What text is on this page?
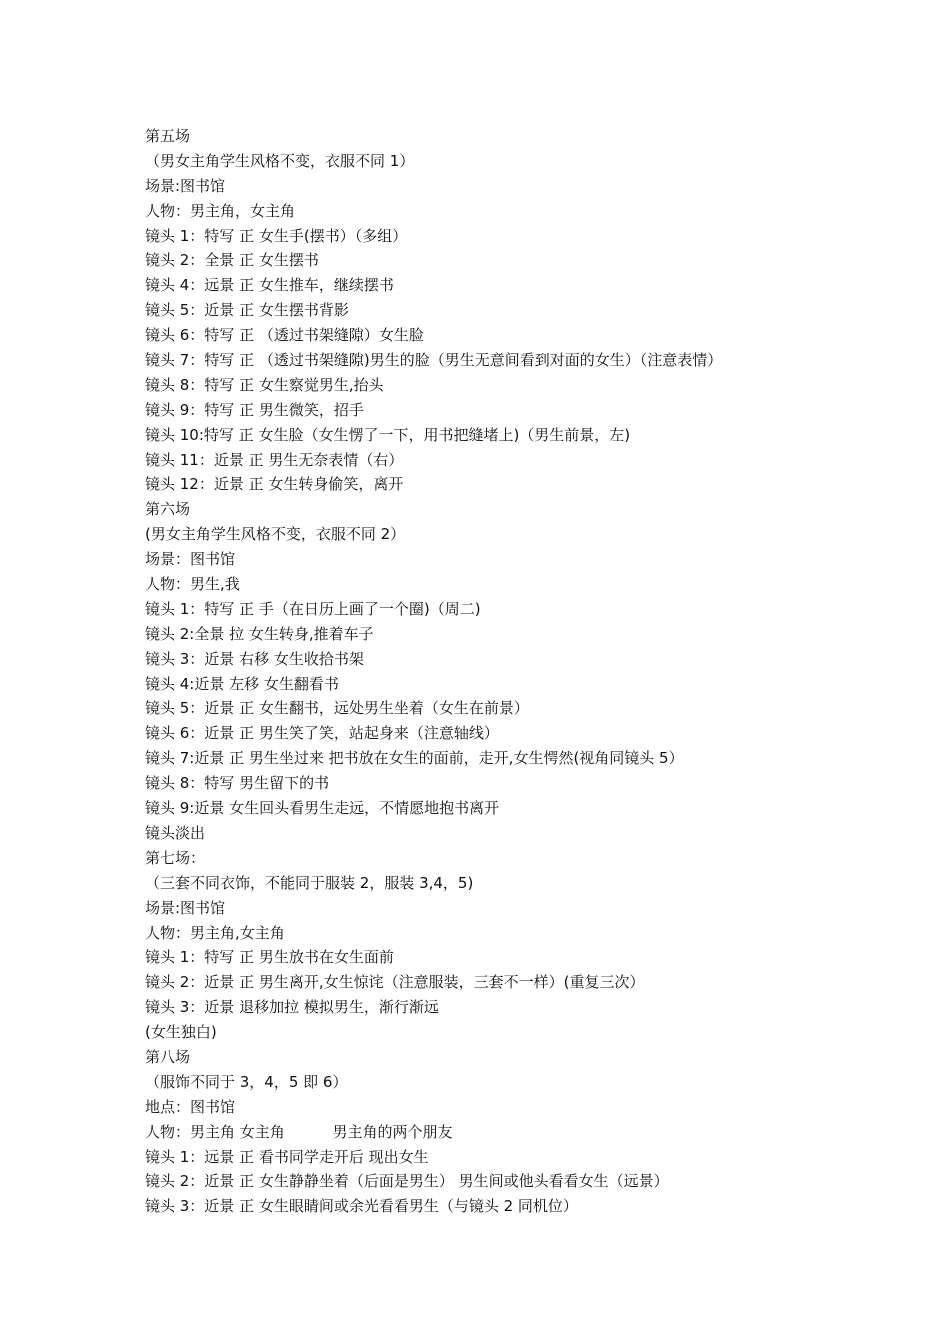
第五场
（男女主角学生风格不变，衣服不同 1）
场景:图书馆
人物：男主角，女主角
镜头 1：特写 正 女生手(摆书）（多组）
镜头 2：全景 正 女生摆书
镜头 4：远景 正 女生推车，继续摆书
镜头 5：近景 正 女生摆书背影
镜头 6：特写 正 （透过书架缝隙）女生脸
镜头 7：特写 正 （透过书架缝隙)男生的脸（男生无意间看到对面的女生）（注意表情）
镜头 8：特写 正 女生察觉男生,抬头
镜头 9：特写 正 男生微笑，招手
镜头 10:特写 正 女生脸（女生愣了一下，用书把缝堵上)（男生前景，左)
镜头 11：近景 正 男生无奈表情（右）
镜头 12：近景 正 女生转身偷笑，离开
第六场
(男女主角学生风格不变，衣服不同 2）
场景：图书馆
人物：男生,我
镜头 1：特写 正 手（在日历上画了一个圈)（周二)
镜头 2:全景 拉 女生转身,推着车子
镜头 3：近景 右移 女生收拾书架
镜头 4:近景 左移 女生翻看书
镜头 5：近景 正 女生翻书，远处男生坐着（女生在前景）
镜头 6：近景 正 男生笑了笑，站起身来（注意轴线）
镜头 7:近景 正 男生坐过来 把书放在女生的面前，走开,女生愕然(视角同镜头 5）
镜头 8：特写 男生留下的书
镜头 9:近景 女生回头看男生走远，不情愿地抱书离开
镜头淡出
第七场：
（三套不同衣饰，不能同于服装 2，服装 3,4，5)
场景:图书馆
人物：男主角,女主角
镜头 1：特写 正 男生放书在女生面前
镜头 2：近景 正 男生离开,女生惊诧（注意服装，三套不一样）(重复三次）
镜头 3：近景 退移加拉 模拟男生，渐行渐远
(女生独白)
第八场
（服饰不同于 3，4，5 即 6）
地点：图书馆
人物：男主角 女主角          男主角的两个朋友
镜头 1：远景 正 看书同学走开后 现出女生
镜头 2：近景 正 女生静静坐着（后面是男生） 男生间或他头看看女生（远景）
镜头 3：近景 正 女生眼睛间或余光看看男生（与镜头 2 同机位）
